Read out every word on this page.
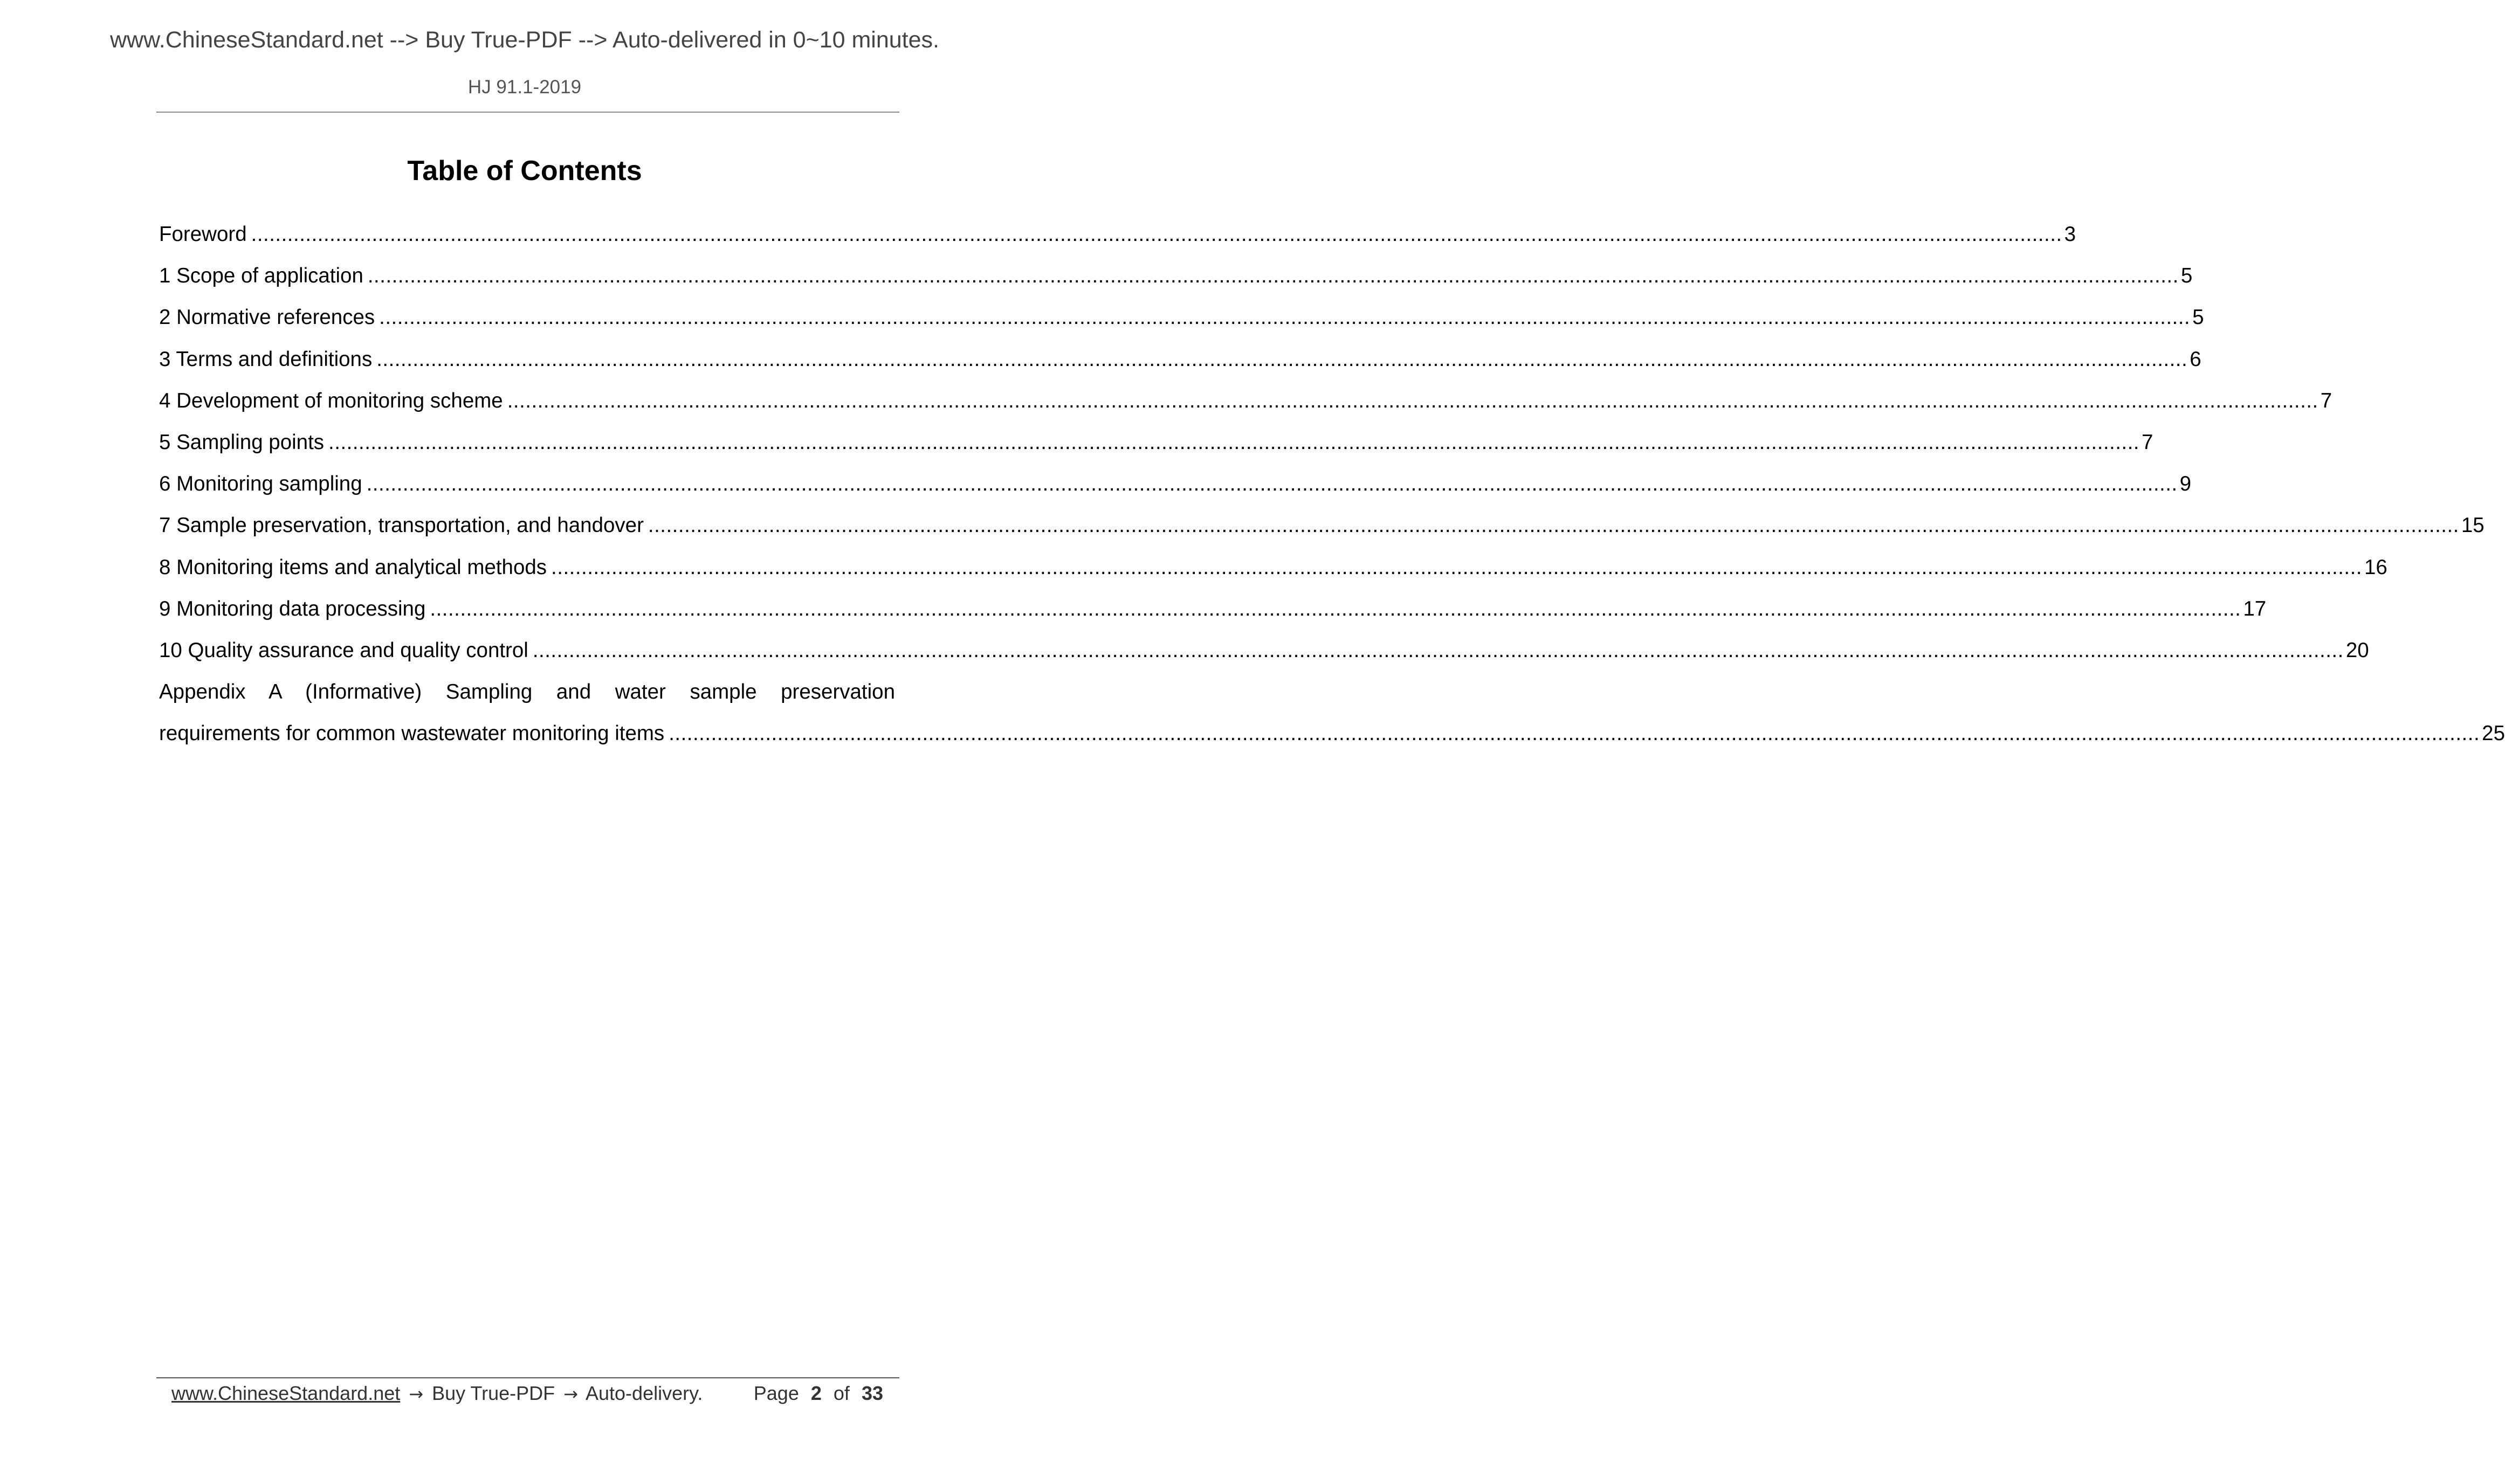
www.ChineseStandard.net --> Buy True-PDF --> Auto-delivered in 0~10 minutes.
HJ 91.1-2019
Table of Contents
Foreword ............................................................................................................................................................................................................................................................................................................ 3
1 Scope of application ............................................................................................................................................................................................................................................................................................................ 5
2 Normative references ............................................................................................................................................................................................................................................................................................................ 5
3 Terms and definitions ............................................................................................................................................................................................................................................................................................................ 6
4 Development of monitoring scheme ............................................................................................................................................................................................................................................................................................................ 7
5 Sampling points ............................................................................................................................................................................................................................................................................................................ 7
6 Monitoring sampling ............................................................................................................................................................................................................................................................................................................ 9
7 Sample preservation, transportation, and handover ............................................................................................................................................................................................................................................................................................................ 15
8 Monitoring items and analytical methods ............................................................................................................................................................................................................................................................................................................ 16
9 Monitoring data processing ............................................................................................................................................................................................................................................................................................................ 17
10 Quality assurance and quality control ............................................................................................................................................................................................................................................................................................................ 20
Appendix A (Informative) Sampling and water sample preservation
requirements for common wastewater monitoring items ............................................................................................................................................................................................................................................................................................................ 25
www.ChineseStandard.net → Buy True-PDF → Auto-delivery.	Page 2 of 33
